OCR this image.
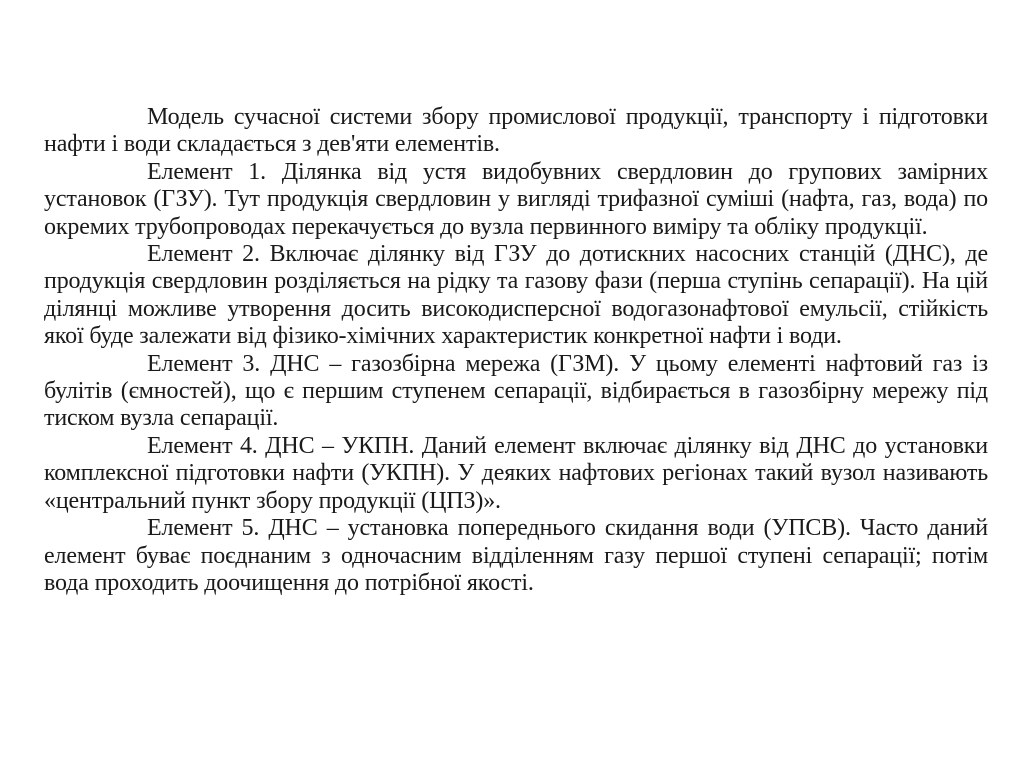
Модель сучасної системи збору промислової продукції, транспорту і підготовки нафти і води складається з дев'яти елементів.

Елемент 1. Ділянка від устя видобувних свердловин до групових замірних установок (ГЗУ). Тут продукція свердловин у вигляді трифазної суміші (нафта, газ, вода) по окремих трубопроводах перекачується до вузла первинного виміру та обліку продукції.

Елемент 2. Включає ділянку від ГЗУ до дотискних насосних станцій (ДНС), де продукція свердловин розділяється на рідку та газову фази (перша ступінь сепарації). На цій ділянці можливе утворення досить високодисперсної водогазонафтової емульсії, стійкість якої буде залежати від фізико-хімічних характеристик конкретної нафти і води.

Елемент 3. ДНС – газозбірна мережа (ГЗМ). У цьому елементі нафтовий газ із булітів (ємностей), що є першим ступенем сепарації, відбирається в газозбірну мережу під тиском вузла сепарації.

Елемент 4. ДНС – УКПН. Даний елемент включає ділянку від ДНС до установки комплексної підготовки нафти (УКПН). У деяких нафтових регіонах такий вузол називають «центральний пункт збору продукції (ЦПЗ)».

Елемент 5. ДНС – установка попереднього скидання води (УПСВ). Часто даний елемент буває поєднаним з одночасним відділенням газу першої ступені сепарації; потім вода проходить доочищення до потрібної якості.
